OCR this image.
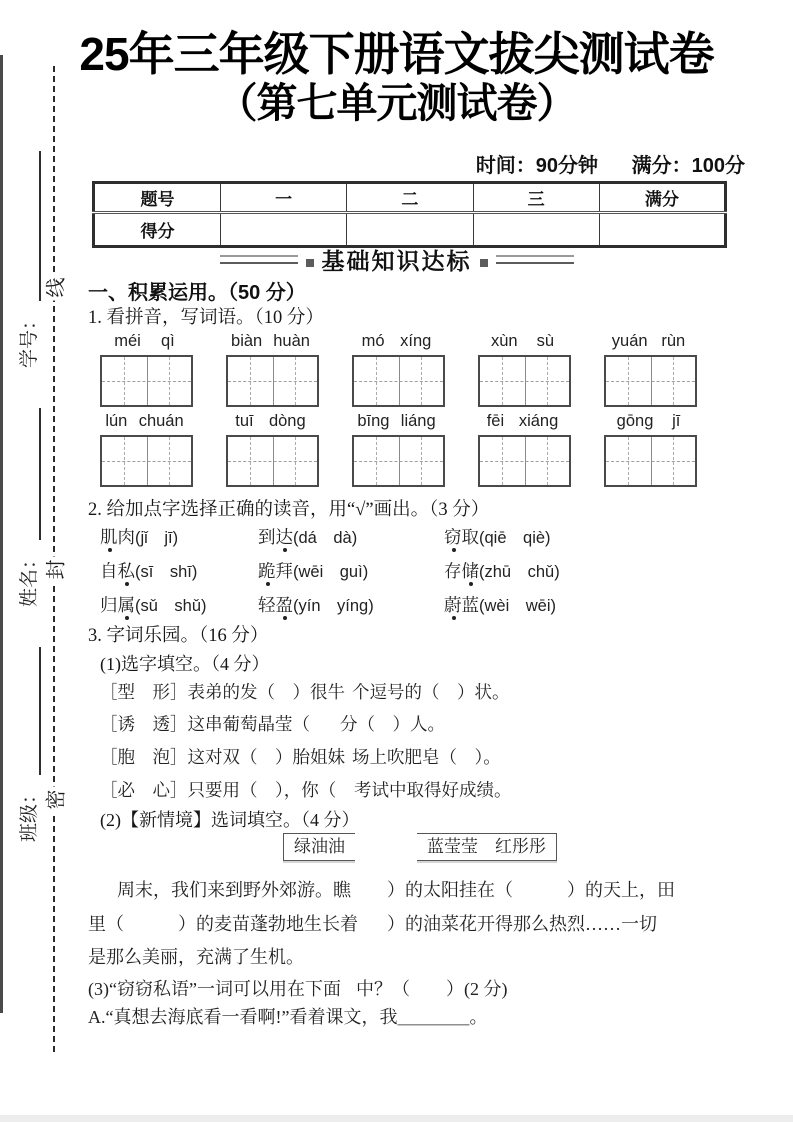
密
封
线
班级：
姓名：
学号：
25年三年级下册语文拔尖测试卷
（第七单元测试卷）
时间：90分钟 满分：100分
题号	一	二	三	满分
得分				
基础知识达标
一、积累运用。（50 分）
1. 看拼音，写词语。（10 分）
méi qì	biàn huàn	mó xíng	xùn sù	yuán rùn
lún chuán	tuī dòng	bīng liáng	fēi xiáng	gōng jī
2. 给加点字选择正确的读音，用“√”画出。（3 分）
肌肉(jǐ　jī)	到达(dá　dà)	窃取(qiē　qiè)
自私(sī　shī)	跪拜(wēi　guì)	存储(zhū　chǔ)
归属(sǔ　shǔ)	轻盈(yín　yíng)	蔚蓝(wèi　wēi)
3. 字词乐园。（16 分）
(1)选字填空。（4 分）
［型　形］表弟的发（　）很牛 个逗号的（　）状。
［诱　透］这串葡萄晶莹（ 分（　）人。
［胞　泡］这对双（　）胎姐妹 场上吹肥皂（　）。
［必　心］只要用（　），你（ 考试中取得好成绩。
(2)【新情境】选词填空。（4 分）
绿油油	蓝莹莹　红彤彤
周末，我们来到野外郊游。瞧 ）的太阳挂在（　　　）的天上，田
里（　　　）的麦苗蓬勃地生长着 ）的油菜花开得那么热烈……一切
是那么美丽，充满了生机。
(3)“窃窃私语”一词可以用在下面 中？（　　）(2 分)
A.“真想去海底看一看啊!”看着课文，我＿＿＿＿。
